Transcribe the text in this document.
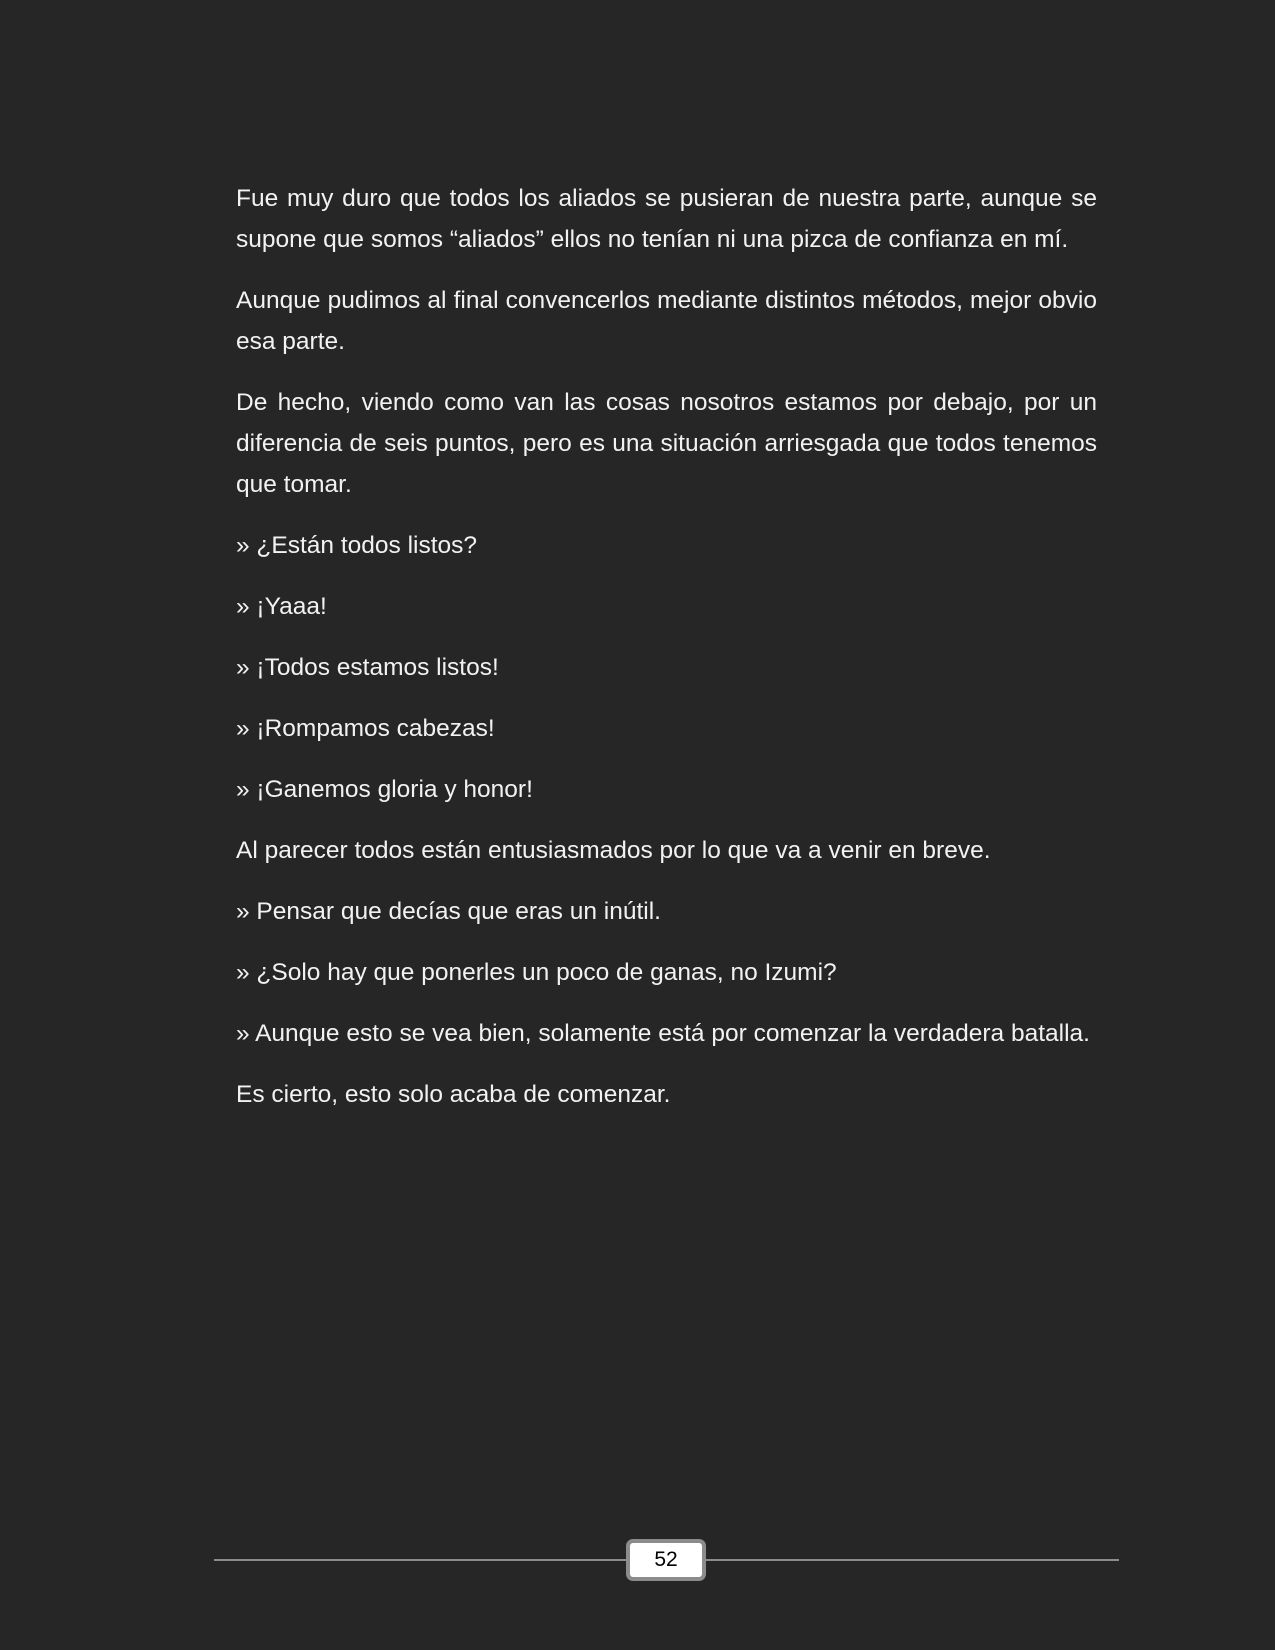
Fue muy duro que todos los aliados se pusieran de nuestra parte, aunque se supone que somos “aliados” ellos no tenían ni una pizca de confianza en mí.

Aunque pudimos al final convencerlos mediante distintos métodos, mejor obvio esa parte.

De hecho, viendo como van las cosas nosotros estamos por debajo, por un diferencia de seis puntos, pero es una situación arriesgada que todos tenemos que tomar.

» ¿Están todos listos?

» ¡Yaaa!

» ¡Todos estamos listos!

» ¡Rompamos cabezas!

» ¡Ganemos gloria y honor!

Al parecer todos están entusiasmados por lo que va a venir en breve.

» Pensar que decías que eras un inútil.

» ¿Solo hay que ponerles un poco de ganas, no Izumi?

» Aunque esto se vea bien, solamente está por comenzar la verdadera batalla.

Es cierto, esto solo acaba de comenzar.

52
